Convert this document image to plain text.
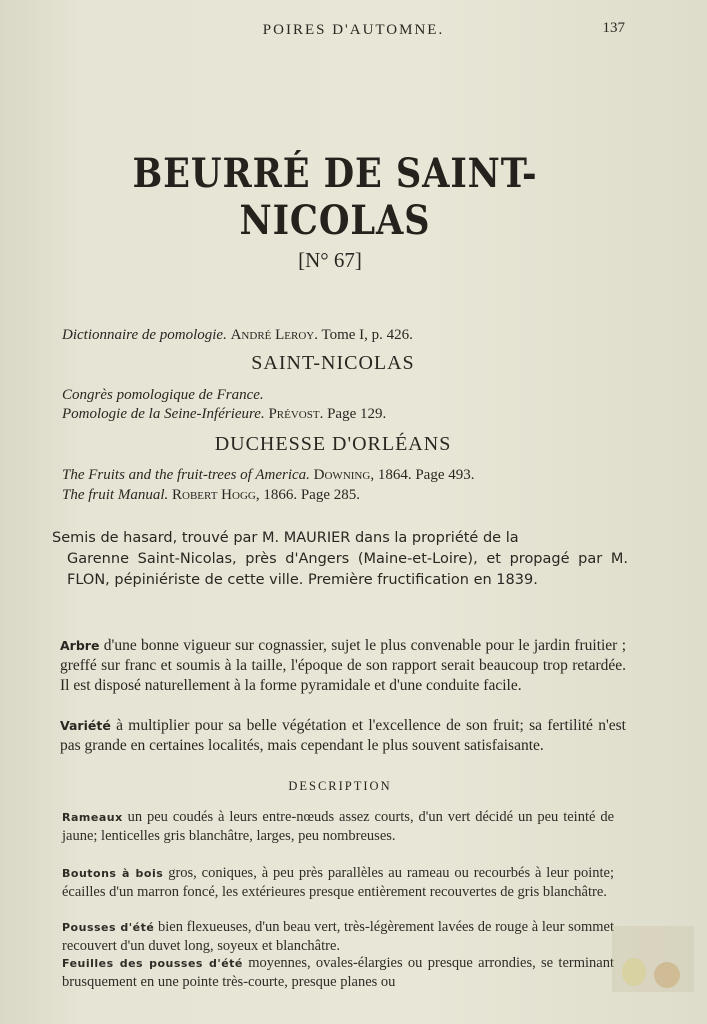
POIRES D'AUTOMNE.	137
BEURRÉ DE SAINT-NICOLAS
[N° 67]
Dictionnaire de pomologie. André Leroy. Tome I, p. 426.
SAINT-NICOLAS
Congrès pomologique de France.
Pomologie de la Seine-Inférieure. Prévost. Page 129.
DUCHESSE D'ORLÉANS
The Fruits and the fruit-trees of America. Downing, 1864. Page 493.
The fruit Manual. Robert Hogg, 1866. Page 285.
Semis de hasard, trouvé par M. MAURIER dans la propriété de la
Garenne Saint-Nicolas, près d'Angers (Maine-et-Loire), et propagé par M. FLON, pépiniériste de cette ville. Première fructification en 1839.
Arbre d'une bonne vigueur sur cognassier, sujet le plus convenable pour le jardin fruitier ; greffé sur franc et soumis à la taille, l'époque de son rapport serait beaucoup trop retardée. Il est disposé naturellement à la forme pyramidale et d'une conduite facile.
Variété à multiplier pour sa belle végétation et l'excellence de son fruit; sa fertilité n'est pas grande en certaines localités, mais cependant le plus souvent satisfaisante.
DESCRIPTION
Rameaux un peu coudés à leurs entre-nœuds assez courts, d'un vert décidé un peu teinté de jaune; lenticelles gris blanchâtre, larges, peu nombreuses.
Boutons à bois gros, coniques, à peu près parallèles au rameau ou recourbés à leur pointe; écailles d'un marron foncé, les extérieures presque entièrement recouvertes de gris blanchâtre.
Pousses d'été bien flexueuses, d'un beau vert, très-légèrement lavées de rouge à leur sommet recouvert d'un duvet long, soyeux et blanchâtre.
Feuilles des pousses d'été moyennes, ovales-élargies ou presque arrondies, se terminant brusquement en une pointe très-courte, presque planes ou
